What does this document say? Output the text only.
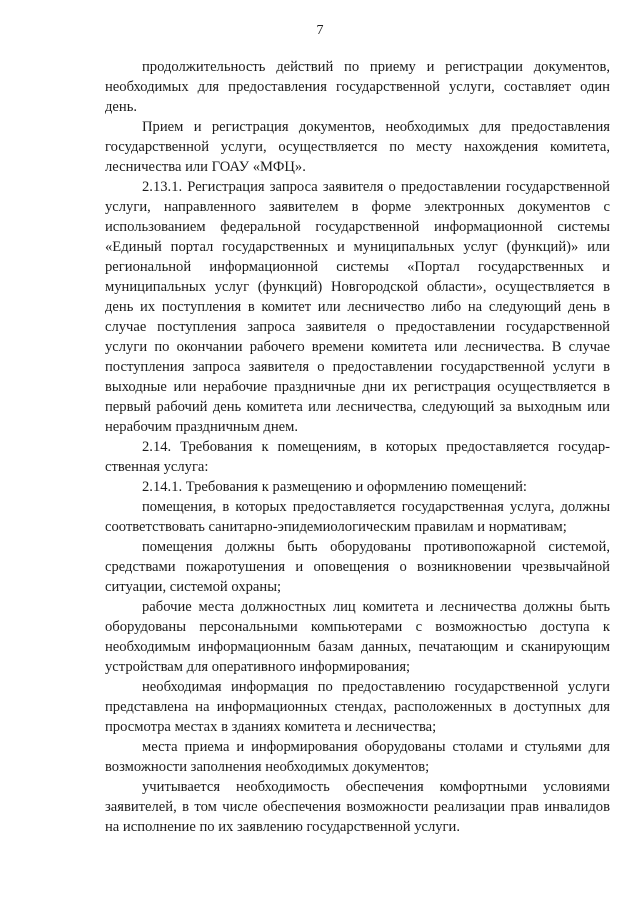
7

продолжительность действий по приему и регистрации документов, необходимых для предоставления государственной услуги, составляет один день.

Прием и регистрация документов, необходимых для предоставления государственной услуги, осуществляется по месту нахождения комитета, лесничества или ГОАУ «МФЦ».

2.13.1. Регистрация запроса заявителя о предоставлении государственной услуги, направленного заявителем в форме электронных документов с использованием федеральной государственной информационной системы «Единый портал государственных и муниципальных услуг (функций)» или региональной информационной системы «Портал государственных и муниципальных услуг (функций) Новгородской области», осуществляется в день их поступления в комитет или лесничество либо на следующий день в случае поступления запроса заявителя о предоставлении государственной услуги по окончании рабочего времени комитета или лесничества. В случае поступления запроса заявителя о предоставлении государственной услуги в выходные или нерабочие праздничные дни их регистрация осуществляется в первый рабочий день комитета или лесничества, следующий за выходным или нерабочим праздничным днем.

2.14. Требования к помещениям, в которых предоставляется государственная услуга:

2.14.1. Требования к размещению и оформлению помещений:

помещения, в которых предоставляется государственная услуга, должны соответствовать санитарно-эпидемиологическим правилам и нормативам;

помещения должны быть оборудованы противопожарной системой, средствами пожаротушения и оповещения о возникновении чрезвычайной ситуации, системой охраны;

рабочие места должностных лиц комитета и лесничества должны быть оборудованы персональными компьютерами с возможностью доступа к необходимым информационным базам данных, печатающим и сканирующим устройствам для оперативного информирования;

необходимая информация по предоставлению государственной услуги представлена на информационных стендах, расположенных в доступных для просмотра местах в зданиях комитета и лесничества;

места приема и информирования оборудованы столами и стульями для возможности заполнения необходимых документов;

учитывается необходимость обеспечения комфортными условиями заявителей, в том числе обеспечения возможности реализации прав инвалидов на исполнение по их заявлению государственной услуги.
